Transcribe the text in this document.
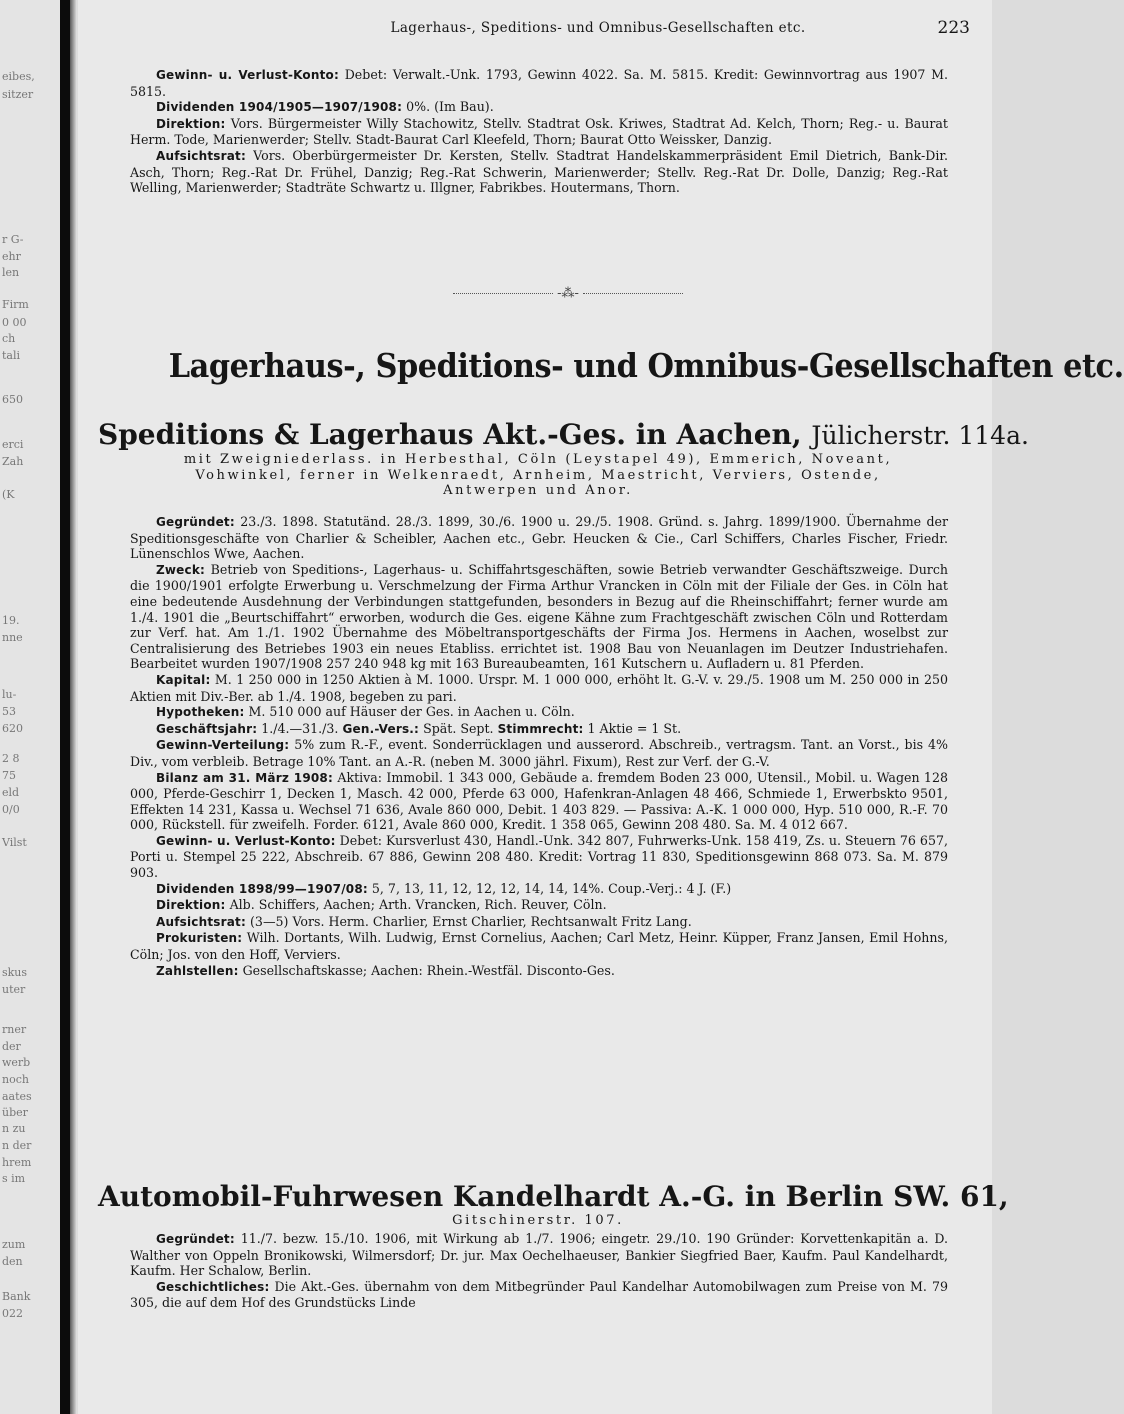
eibes,
sitzer
r G-
ehr
len
Firm
0 00
ch
tali
650
erci
Zah
(K
19.
nne
lu-
53
620
2 8
75
eld
0/0
Vilst
skus
uter
rner
der
werb
noch
aates
über
n zu
n der
hrem
s im
zum
den
Bank
022
Lagerhaus-, Speditions- und Omnibus-Gesellschaften etc.	223

Gewinn- u. Verlust-Konto: Debet: Verwalt.-Unk. 1793, Gewinn 4022. Sa. M. 5815. Kredit: Gewinnvortrag aus 1907 M. 5815.

Dividenden 1904/1905—1907/1908: 0%. (Im Bau).

Direktion: Vors. Bürgermeister Willy Stachowitz, Stellv. Stadtrat Osk. Kriwes, Stadtrat Ad. Kelch, Thorn; Reg.- u. Baurat Herm. Tode, Marienwerder; Stellv. Stadt-Baurat Carl Kleefeld, Thorn; Baurat Otto Weissker, Danzig.

Aufsichtsrat: Vors. Oberbürgermeister Dr. Kersten, Stellv. Stadtrat Handelskammerpräsident Emil Dietrich, Bank-Dir. Asch, Thorn; Reg.-Rat Dr. Frühel, Danzig; Reg.-Rat Schwerin, Marienwerder; Stellv. Reg.-Rat Dr. Dolle, Danzig; Reg.-Rat Welling, Marienwerder; Stadträte Schwartz u. Illgner, Fabrikbes. Houtermans, Thorn.

-⁂-
Lagerhaus-, Speditions- und Omnibus-Gesellschaften etc.
Speditions & Lagerhaus Akt.-Ges. in Aachen, Jülicherstr. 114a.
mit Zweigniederlass. in Herbesthal, Cöln (Leystapel 49), Emmerich, Noveant,
Vohwinkel, ferner in Welkenraedt, Arnheim, Maestricht, Verviers, Ostende,
Antwerpen und Anor.

Gegründet: 23./3. 1898. Statutänd. 28./3. 1899, 30./6. 1900 u. 29./5. 1908. Gründ. s. Jahrg. 1899/1900. Übernahme der Speditionsgeschäfte von Charlier & Scheibler, Aachen etc., Gebr. Heucken & Cie., Carl Schiffers, Charles Fischer, Friedr. Lünenschlos Wwe, Aachen.

Zweck: Betrieb von Speditions-, Lagerhaus- u. Schiffahrtsgeschäften, sowie Betrieb verwandter Geschäftszweige. Durch die 1900/1901 erfolgte Erwerbung u. Verschmelzung der Firma Arthur Vrancken in Cöln mit der Filiale der Ges. in Cöln hat eine bedeutende Ausdehnung der Verbindungen stattgefunden, besonders in Bezug auf die Rheinschiffahrt; ferner wurde am 1./4. 1901 die „Beurtschiffahrt“ erworben, wodurch die Ges. eigene Kähne zum Frachtgeschäft zwischen Cöln und Rotterdam zur Verf. hat. Am 1./1. 1902 Übernahme des Möbeltransportgeschäfts der Firma Jos. Hermens in Aachen, woselbst zur Centralisierung des Betriebes 1903 ein neues Etabliss. errichtet ist. 1908 Bau von Neuanlagen im Deutzer Industriehafen. Bearbeitet wurden 1907/1908 257 240 948 kg mit 163 Bureaubeamten, 161 Kutschern u. Aufladern u. 81 Pferden.

Kapital: M. 1 250 000 in 1250 Aktien à M. 1000. Urspr. M. 1 000 000, erhöht lt. G.-V. v. 29./5. 1908 um M. 250 000 in 250 Aktien mit Div.-Ber. ab 1./4. 1908, begeben zu pari.

Hypotheken: M. 510 000 auf Häuser der Ges. in Aachen u. Cöln.

Geschäftsjahr: 1./4.—31./3. Gen.-Vers.: Spät. Sept. Stimmrecht: 1 Aktie = 1 St.

Gewinn-Verteilung: 5% zum R.-F., event. Sonderrücklagen und ausserord. Abschreib., vertragsm. Tant. an Vorst., bis 4% Div., vom verbleib. Betrage 10% Tant. an A.-R. (neben M. 3000 jährl. Fixum), Rest zur Verf. der G.-V.

Bilanz am 31. März 1908: Aktiva: Immobil. 1 343 000, Gebäude a. fremdem Boden 23 000, Utensil., Mobil. u. Wagen 128 000, Pferde-Geschirr 1, Decken 1, Masch. 42 000, Pferde 63 000, Hafenkran-Anlagen 48 466, Schmiede 1, Erwerbskto 9501, Effekten 14 231, Kassa u. Wechsel 71 636, Avale 860 000, Debit. 1 403 829. — Passiva: A.-K. 1 000 000, Hyp. 510 000, R.-F. 70 000, Rückstell. für zweifelh. Forder. 6121, Avale 860 000, Kredit. 1 358 065, Gewinn 208 480. Sa. M. 4 012 667.

Gewinn- u. Verlust-Konto: Debet: Kursverlust 430, Handl.-Unk. 342 807, Fuhrwerks-Unk. 158 419, Zs. u. Steuern 76 657, Porti u. Stempel 25 222, Abschreib. 67 886, Gewinn 208 480. Kredit: Vortrag 11 830, Speditionsgewinn 868 073. Sa. M. 879 903.

Dividenden 1898/99—1907/08: 5, 7, 13, 11, 12, 12, 12, 14, 14, 14%. Coup.-Verj.: 4 J. (F.)

Direktion: Alb. Schiffers, Aachen; Arth. Vrancken, Rich. Reuver, Cöln.

Aufsichtsrat: (3—5) Vors. Herm. Charlier, Ernst Charlier, Rechtsanwalt Fritz Lang.

Prokuristen: Wilh. Dortants, Wilh. Ludwig, Ernst Cornelius, Aachen; Carl Metz, Heinr. Küpper, Franz Jansen, Emil Hohns, Cöln; Jos. von den Hoff, Verviers.

Zahlstellen: Gesellschaftskasse; Aachen: Rhein.-Westfäl. Disconto-Ges.

Automobil-Fuhrwesen Kandelhardt A.-G. in Berlin SW. 61,
Gitschinerstr. 107.

Gegründet: 11./7. bezw. 15./10. 1906, mit Wirkung ab 1./7. 1906; eingetr. 29./10. 190 Gründer: Korvettenkapitän a. D. Walther von Oppeln Bronikowski, Wilmersdorf; Dr. jur. Max Oechelhaeuser, Bankier Siegfried Baer, Kaufm. Paul Kandelhardt, Kaufm. Her Schalow, Berlin.

Geschichtliches: Die Akt.-Ges. übernahm von dem Mitbegründer Paul Kandelhar Automobilwagen zum Preise von M. 79 305, die auf dem Hof des Grundstücks Linde
